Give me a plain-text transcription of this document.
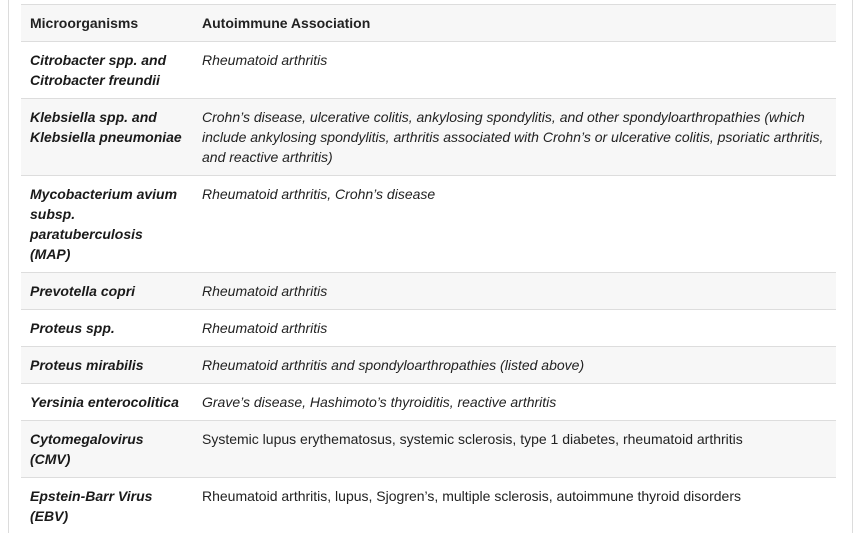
Microorganisms	Autoimmune Association
Citrobacter spp. and Citrobacter freundii	Rheumatoid arthritis
Klebsiella spp. and Klebsiella pneumoniae	Crohn’s disease, ulcerative colitis, ankylosing spondylitis, and other spondyloarthropathies (which include ankylosing spondylitis, arthritis associated with Crohn’s or ulcerative colitis, psoriatic arthritis, and reactive arthritis)
Mycobacterium avium subsp. paratuberculosis (MAP)	Rheumatoid arthritis, Crohn’s disease
Prevotella copri	Rheumatoid arthritis
Proteus spp.	Rheumatoid arthritis
Proteus mirabilis	Rheumatoid arthritis and spondyloarthropathies (listed above)
Yersinia enterocolitica	Grave’s disease, Hashimoto’s thyroiditis, reactive arthritis
Cytomegalovirus (CMV)	Systemic lupus erythematosus, systemic sclerosis, type 1 diabetes, rheumatoid arthritis
Epstein-Barr Virus (EBV)	Rheumatoid arthritis, lupus, Sjogren’s, multiple sclerosis, autoimmune thyroid disorders
